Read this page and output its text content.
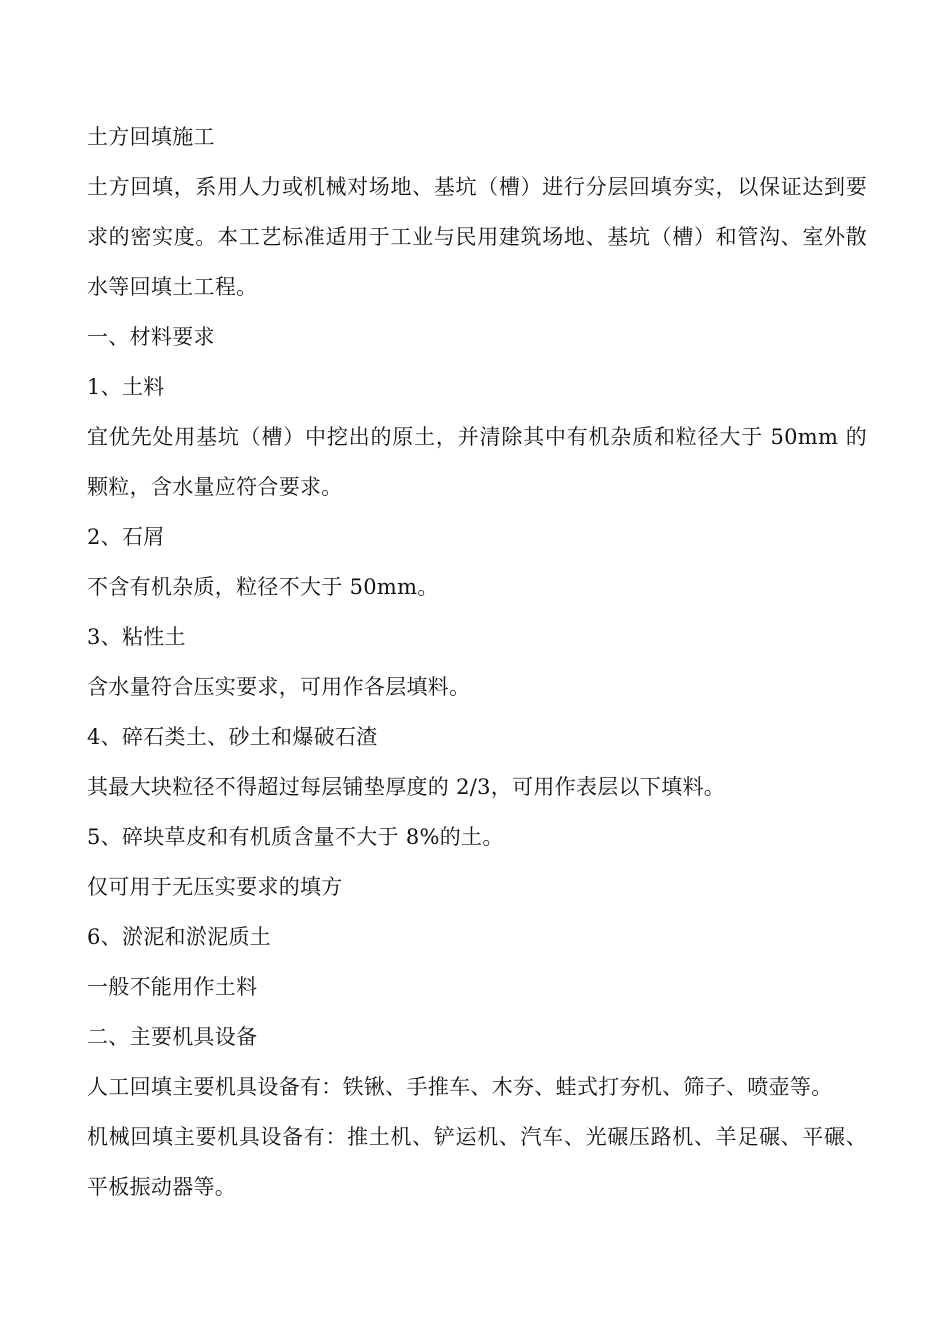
土方回填施工

土方回填，系用人力或机械对场地、基坑（槽）进行分层回填夯实，以保证达到要求的密实度。本工艺标准适用于工业与民用建筑场地、基坑（槽）和管沟、室外散水等回填土工程。

一、材料要求

1、土料

宜优先处用基坑（槽）中挖出的原土，并清除其中有机杂质和粒径大于 50mm 的颗粒，含水量应符合要求。

2、石屑

不含有机杂质，粒径不大于 50mm。

3、粘性土

含水量符合压实要求，可用作各层填料。

4、碎石类土、砂土和爆破石渣

其最大块粒径不得超过每层铺垫厚度的 2/3，可用作表层以下填料。

5、碎块草皮和有机质含量不大于 8%的土。

仅可用于无压实要求的填方

6、淤泥和淤泥质土

一般不能用作土料

二、主要机具设备

人工回填主要机具设备有：铁锹、手推车、木夯、蛙式打夯机、筛子、喷壶等。

机械回填主要机具设备有：推土机、铲运机、汽车、光碾压路机、羊足碾、平碾、平板振动器等。
